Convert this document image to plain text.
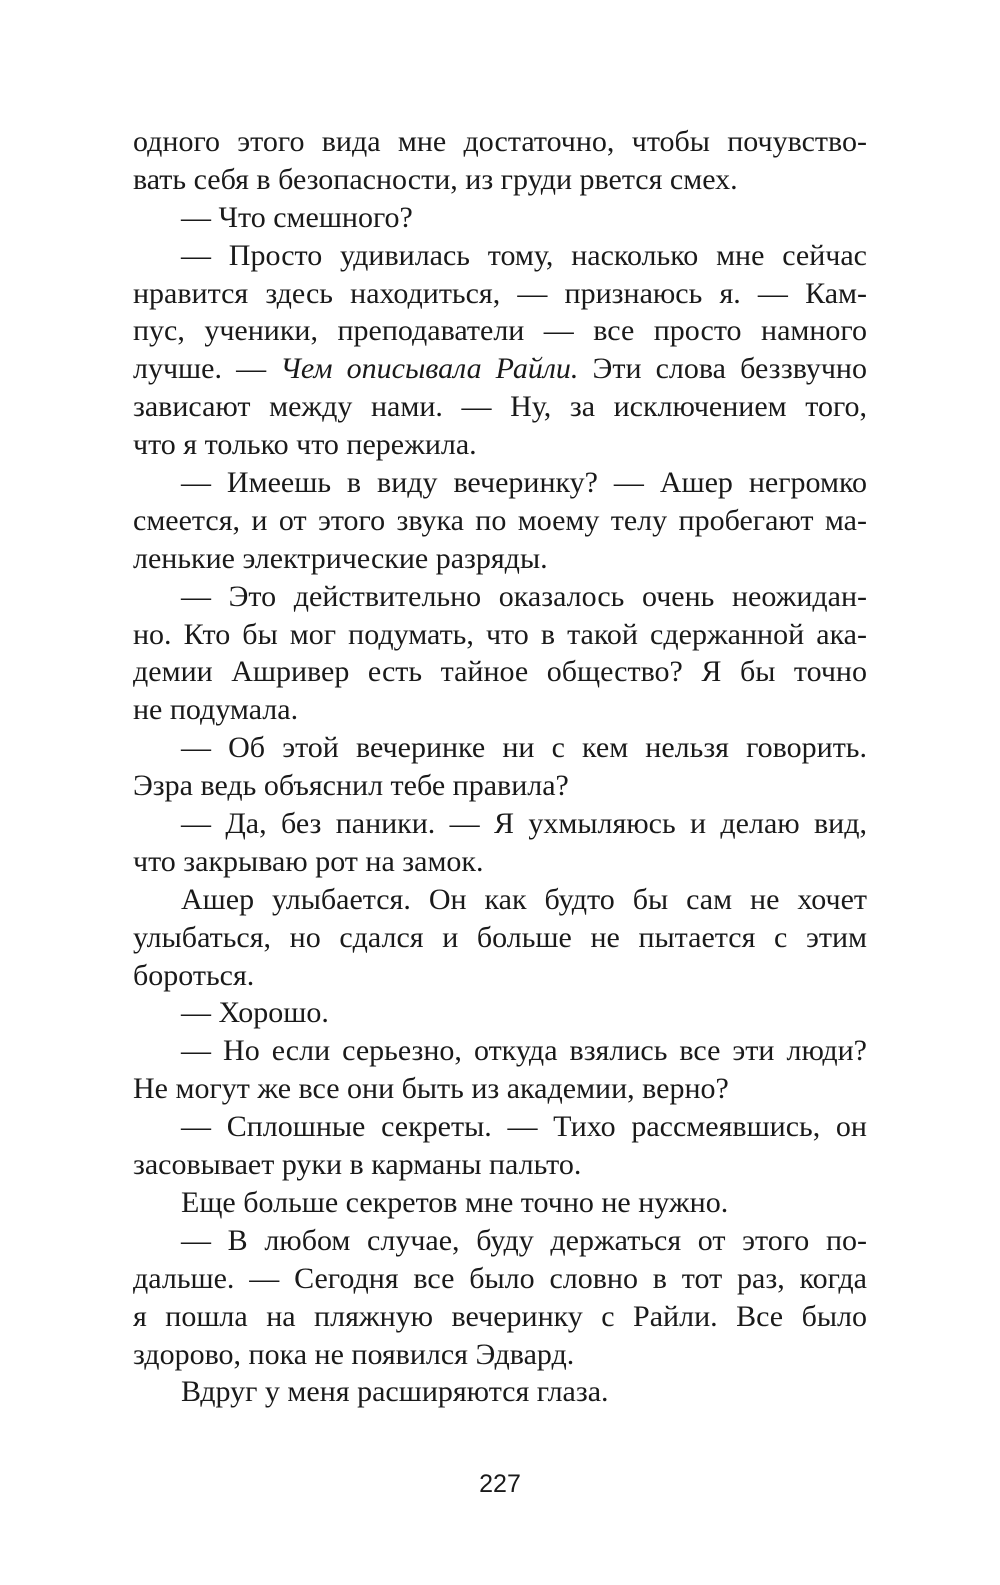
одного этого вида мне достаточно, чтобы почувство-
вать себя в безопасности, из груди рвется смех.
— Что смешного?
— Просто удивилась тому, насколько мне сейчас
нравится здесь находиться, — признаюсь я. — Кам-
пус, ученики, преподаватели — все просто намного
лучше. — Чем описывала Райли. Эти слова беззвучно
зависают между нами. — Ну, за исключением того,
что я только что пережила.
— Имеешь в виду вечеринку? — Ашер негромко
смеется, и от этого звука по моему телу пробегают ма-
ленькие электрические разряды.
— Это действительно оказалось очень неожидан-
но. Кто бы мог подумать, что в такой сдержанной ака-
демии Ашривер есть тайное общество? Я бы точно
не подумала.
— Об этой вечеринке ни с кем нельзя говорить.
Эзра ведь объяснил тебе правила?
— Да, без паники. — Я ухмыляюсь и делаю вид,
что закрываю рот на замок.
Ашер улыбается. Он как будто бы сам не хочет
улыбаться, но сдался и больше не пытается с этим
бороться.
— Хорошо.
— Но если серьезно, откуда взялись все эти люди?
Не могут же все они быть из академии, верно?
— Сплошные секреты. — Тихо рассмеявшись, он
засовывает руки в карманы пальто.
Еще больше секретов мне точно не нужно.
— В любом случае, буду держаться от этого по-
дальше. — Сегодня все было словно в тот раз, когда
я пошла на пляжную вечеринку с Райли. Все было
здорово, пока не появился Эдвард.
Вдруг у меня расширяются глаза.
227
